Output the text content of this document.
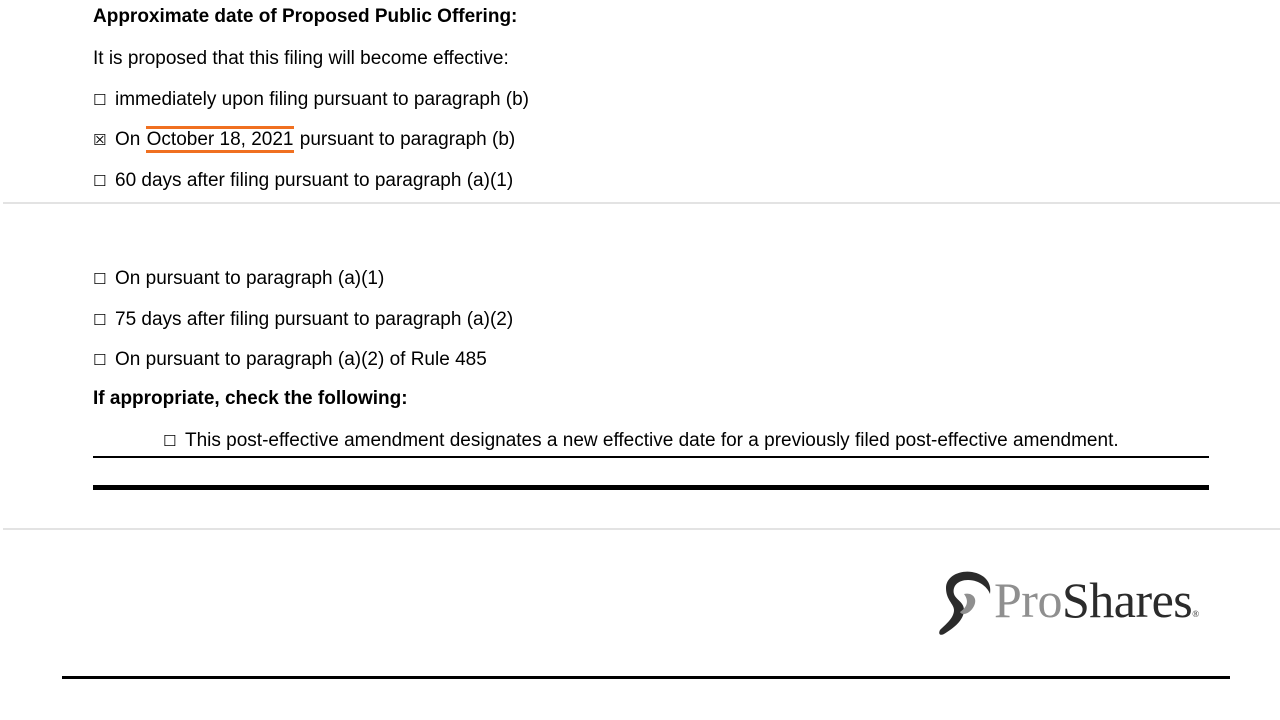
Approximate date of Proposed Public Offering:
It is proposed that this filing will become effective:
☐ immediately upon filing pursuant to paragraph (b)
☒ On October 18, 2021 pursuant to paragraph (b)
☐ 60 days after filing pursuant to paragraph (a)(1)
☐ On pursuant to paragraph (a)(1)
☐ 75 days after filing pursuant to paragraph (a)(2)
☐ On pursuant to paragraph (a)(2) of Rule 485
If appropriate, check the following:
☐ This post-effective amendment designates a new effective date for a previously filed post-effective amendment.
ProShares®
